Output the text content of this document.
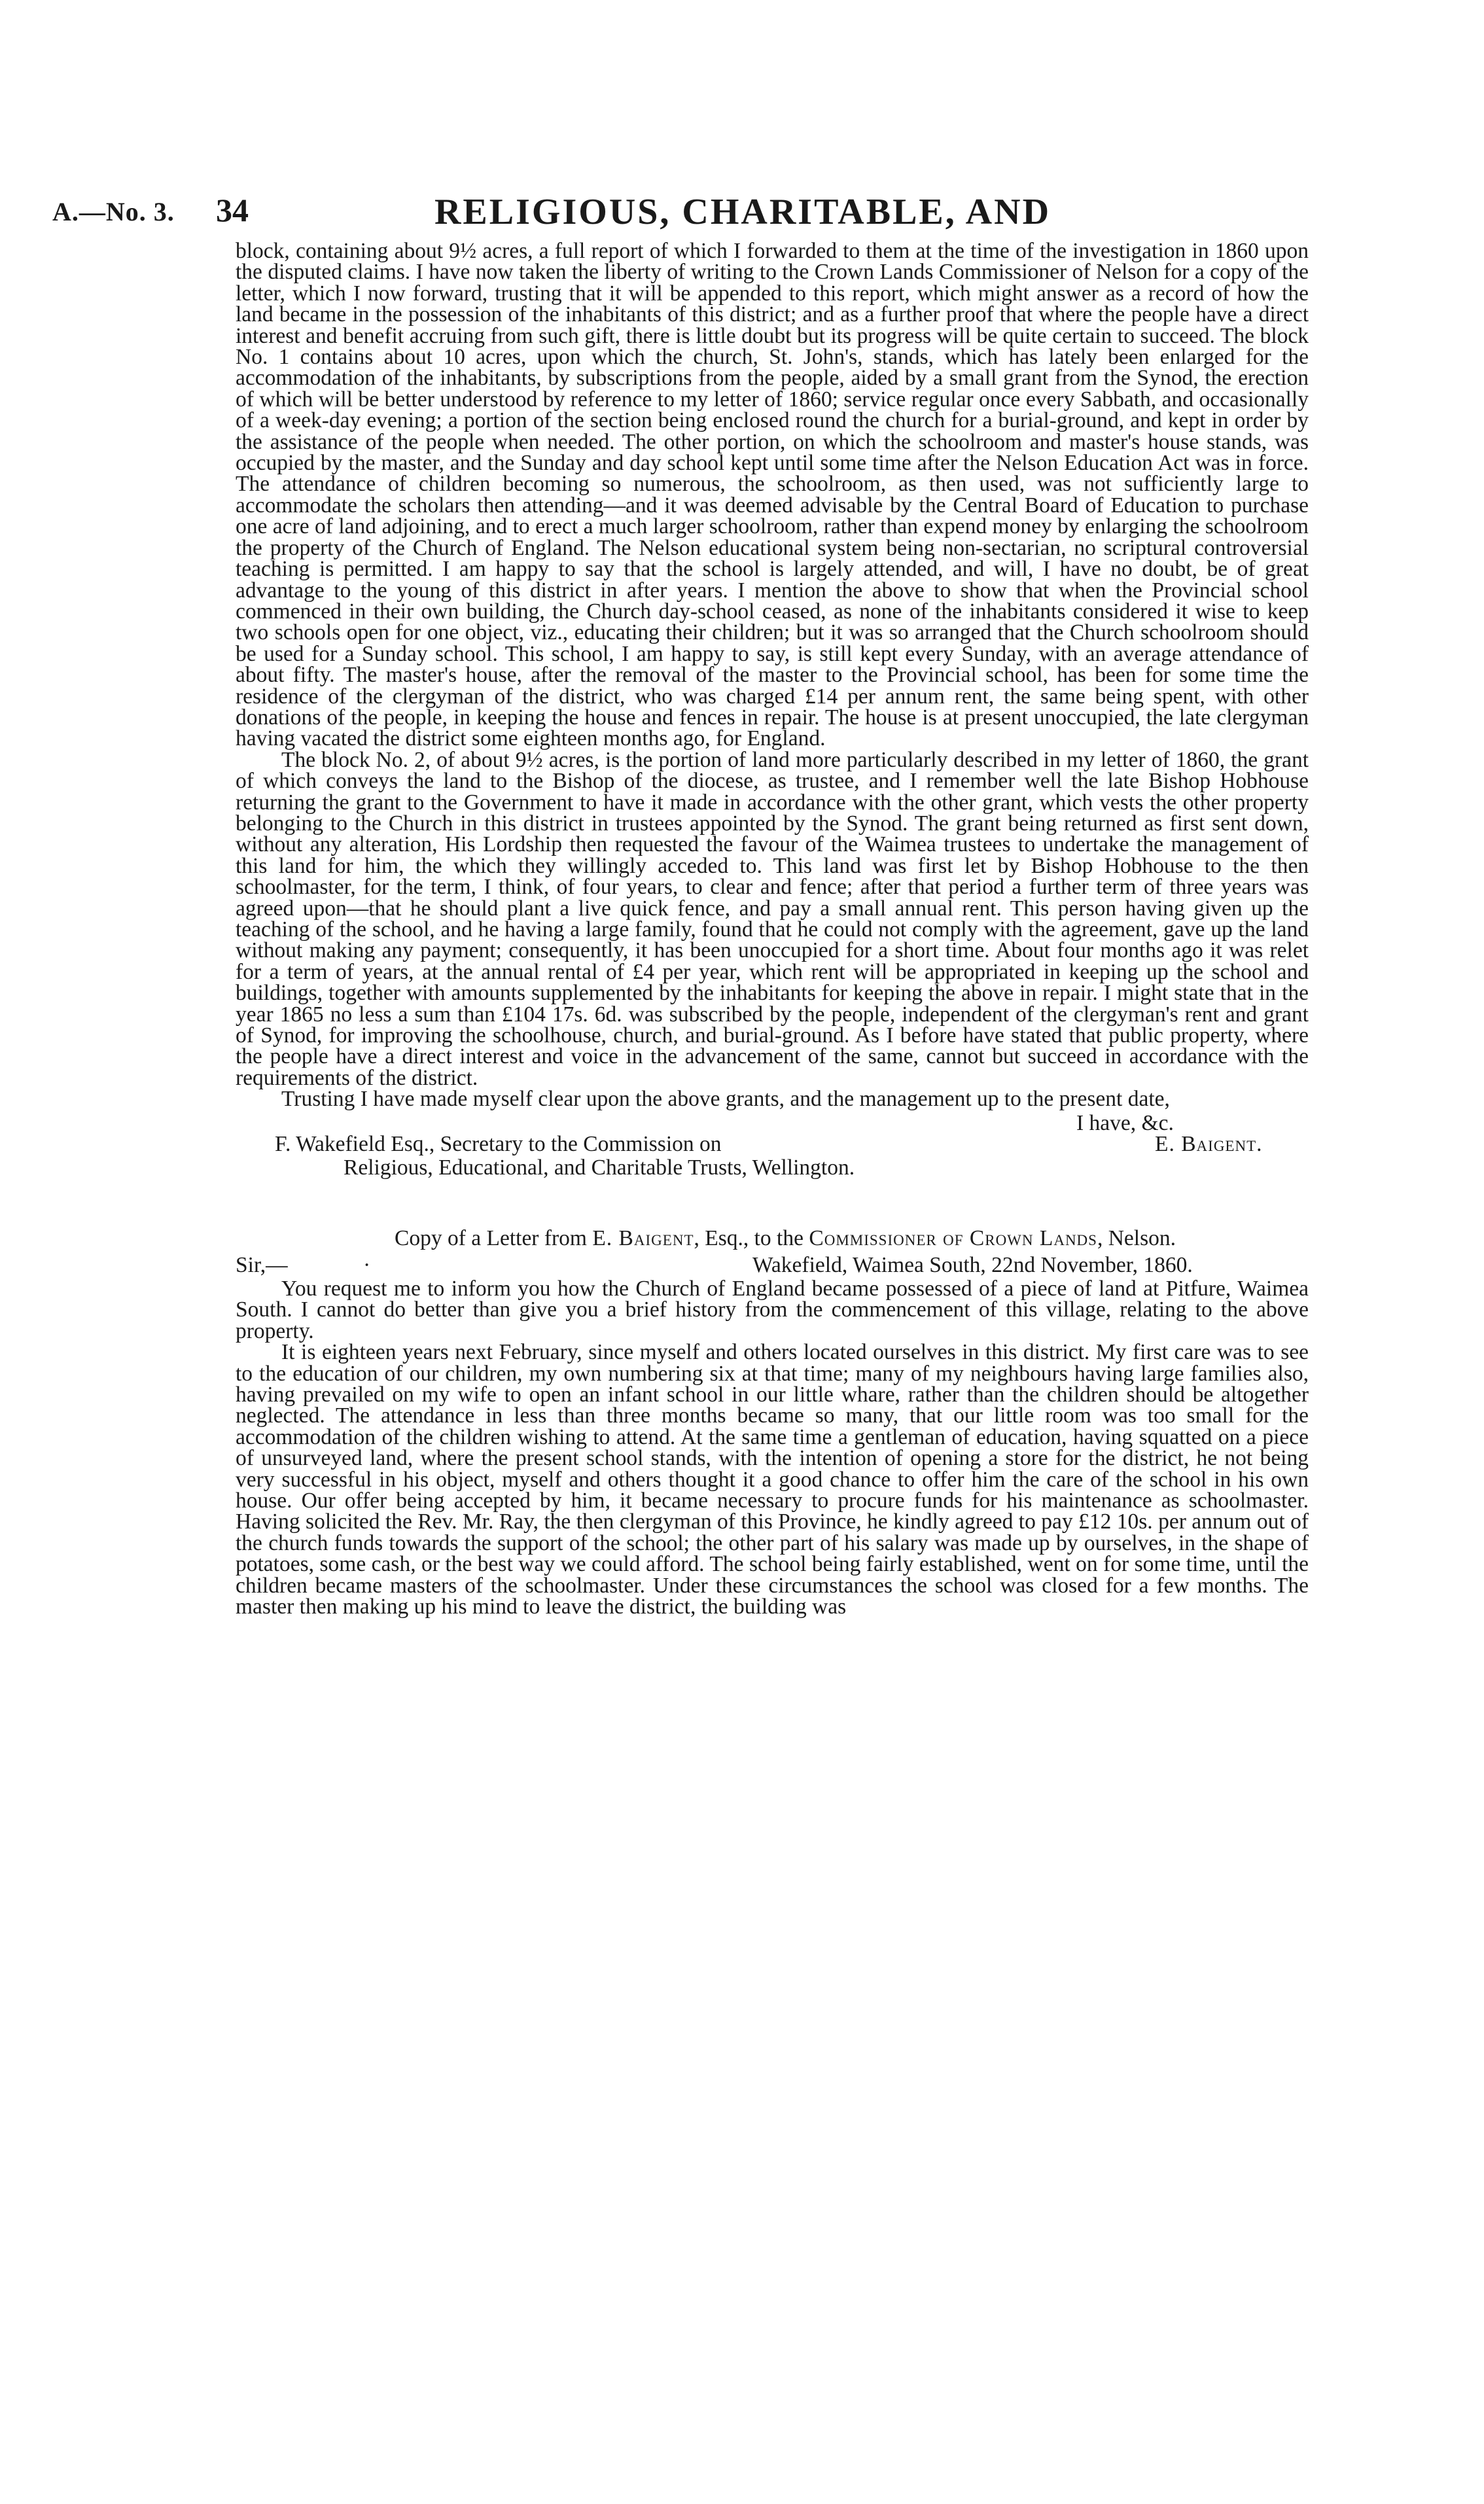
A.—No. 3. 34	RELIGIOUS, CHARITABLE, AND

block, containing about 9½ acres, a full report of which I forwarded to them at the time of the investigation in 1860 upon the disputed claims. I have now taken the liberty of writing to the Crown Lands Commissioner of Nelson for a copy of the letter, which I now forward, trusting that it will be appended to this report, which might answer as a record of how the land became in the possession of the inhabitants of this district; and as a further proof that where the people have a direct interest and benefit accruing from such gift, there is little doubt but its progress will be quite certain to succeed. The block No. 1 contains about 10 acres, upon which the church, St. John's, stands, which has lately been enlarged for the accommodation of the inhabitants, by subscriptions from the people, aided by a small grant from the Synod, the erection of which will be better understood by reference to my letter of 1860; service regular once every Sabbath, and occasionally of a week-day evening; a portion of the section being enclosed round the church for a burial-ground, and kept in order by the assistance of the people when needed. The other portion, on which the schoolroom and master's house stands, was occupied by the master, and the Sunday and day school kept until some time after the Nelson Education Act was in force. The attendance of children becoming so numerous, the schoolroom, as then used, was not sufficiently large to accommodate the scholars then attending—and it was deemed advisable by the Central Board of Education to purchase one acre of land adjoining, and to erect a much larger schoolroom, rather than expend money by enlarging the schoolroom the property of the Church of England. The Nelson educational system being non-sectarian, no scriptural controversial teaching is permitted. I am happy to say that the school is largely attended, and will, I have no doubt, be of great advantage to the young of this district in after years. I mention the above to show that when the Provincial school commenced in their own building, the Church day-school ceased, as none of the inhabitants considered it wise to keep two schools open for one object, viz., educating their children; but it was so arranged that the Church schoolroom should be used for a Sunday school. This school, I am happy to say, is still kept every Sunday, with an average attendance of about fifty. The master's house, after the removal of the master to the Provincial school, has been for some time the residence of the clergyman of the district, who was charged £14 per annum rent, the same being spent, with other donations of the people, in keeping the house and fences in repair. The house is at present unoccupied, the late clergyman having vacated the district some eighteen months ago, for England.

The block No. 2, of about 9½ acres, is the portion of land more particularly described in my letter of 1860, the grant of which conveys the land to the Bishop of the diocese, as trustee, and I remember well the late Bishop Hobhouse returning the grant to the Government to have it made in accordance with the other grant, which vests the other property belonging to the Church in this district in trustees appointed by the Synod. The grant being returned as first sent down, without any alteration, His Lordship then requested the favour of the Waimea trustees to undertake the management of this land for him, the which they willingly acceded to. This land was first let by Bishop Hobhouse to the then schoolmaster, for the term, I think, of four years, to clear and fence; after that period a further term of three years was agreed upon—that he should plant a live quick fence, and pay a small annual rent. This person having given up the teaching of the school, and he having a large family, found that he could not comply with the agreement, gave up the land without making any payment; consequently, it has been unoccupied for a short time. About four months ago it was relet for a term of years, at the annual rental of £4 per year, which rent will be appropriated in keeping up the school and buildings, together with amounts supplemented by the inhabitants for keeping the above in repair. I might state that in the year 1865 no less a sum than £104 17s. 6d. was subscribed by the people, independent of the clergyman's rent and grant of Synod, for improving the schoolhouse, church, and burial-ground. As I before have stated that public property, where the people have a direct interest and voice in the advancement of the same, cannot but succeed in accordance with the requirements of the district.

Trusting I have made myself clear upon the above grants, and the management up to the present date,

I have, &c.
F. Wakefield Esq., Secretary to the Commission on	E. Baigent.
Religious, Educational, and Charitable Trusts, Wellington.
Copy of a Letter from E. Baigent, Esq., to the Commissioner of Crown Lands, Nelson.
Sir,—	·	Wakefield, Waimea South, 22nd November, 1860.

You request me to inform you how the Church of England became possessed of a piece of land at Pitfure, Waimea South. I cannot do better than give you a brief history from the commencement of this village, relating to the above property.

It is eighteen years next February, since myself and others located ourselves in this district. My first care was to see to the education of our children, my own numbering six at that time; many of my neighbours having large families also, having prevailed on my wife to open an infant school in our little whare, rather than the children should be altogether neglected. The attendance in less than three months became so many, that our little room was too small for the accommodation of the children wishing to attend. At the same time a gentleman of education, having squatted on a piece of unsurveyed land, where the present school stands, with the intention of opening a store for the district, he not being very successful in his object, myself and others thought it a good chance to offer him the care of the school in his own house. Our offer being accepted by him, it became necessary to procure funds for his maintenance as schoolmaster. Having solicited the Rev. Mr. Ray, the then clergyman of this Province, he kindly agreed to pay £12 10s. per annum out of the church funds towards the support of the school; the other part of his salary was made up by ourselves, in the shape of potatoes, some cash, or the best way we could afford. The school being fairly established, went on for some time, until the children became masters of the schoolmaster. Under these circumstances the school was closed for a few months. The master then making up his mind to leave the district, the building was
